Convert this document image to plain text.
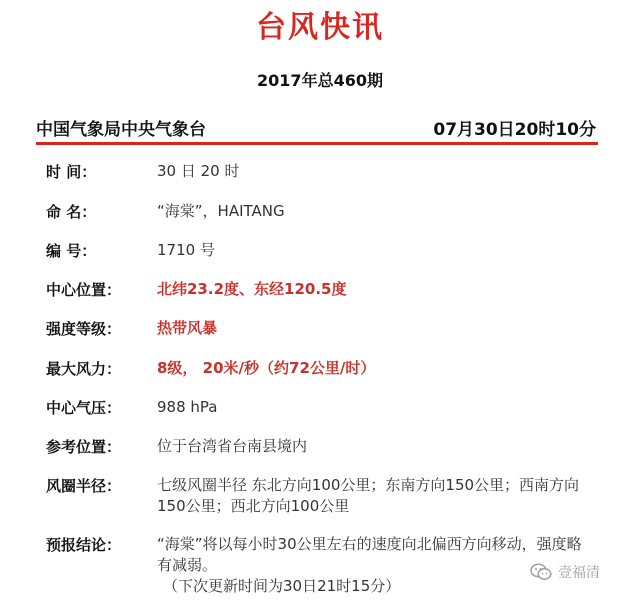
台风快讯
2017年总460期
中国气象局中央气象台	07月30日20时10分
时 间：	30 日 20 时
命 名：	“海棠”，HAITANG
编 号：	1710 号
中心位置：	北纬23.2度、东经120.5度
强度等级：	热带风暴
最大风力：	8级， 20米/秒（约72公里/时）
中心气压：	988 hPa
参考位置：	位于台湾省台南县境内
风圈半径：	七级风圈半径 东北方向100公里；东南方向150公里；西南方向150公里；西北方向100公里
预报结论：	“海棠”将以每小时30公里左右的速度向北偏西方向移动，强度略有减弱。
（下次更新时间为30日21时15分）
壹福清
